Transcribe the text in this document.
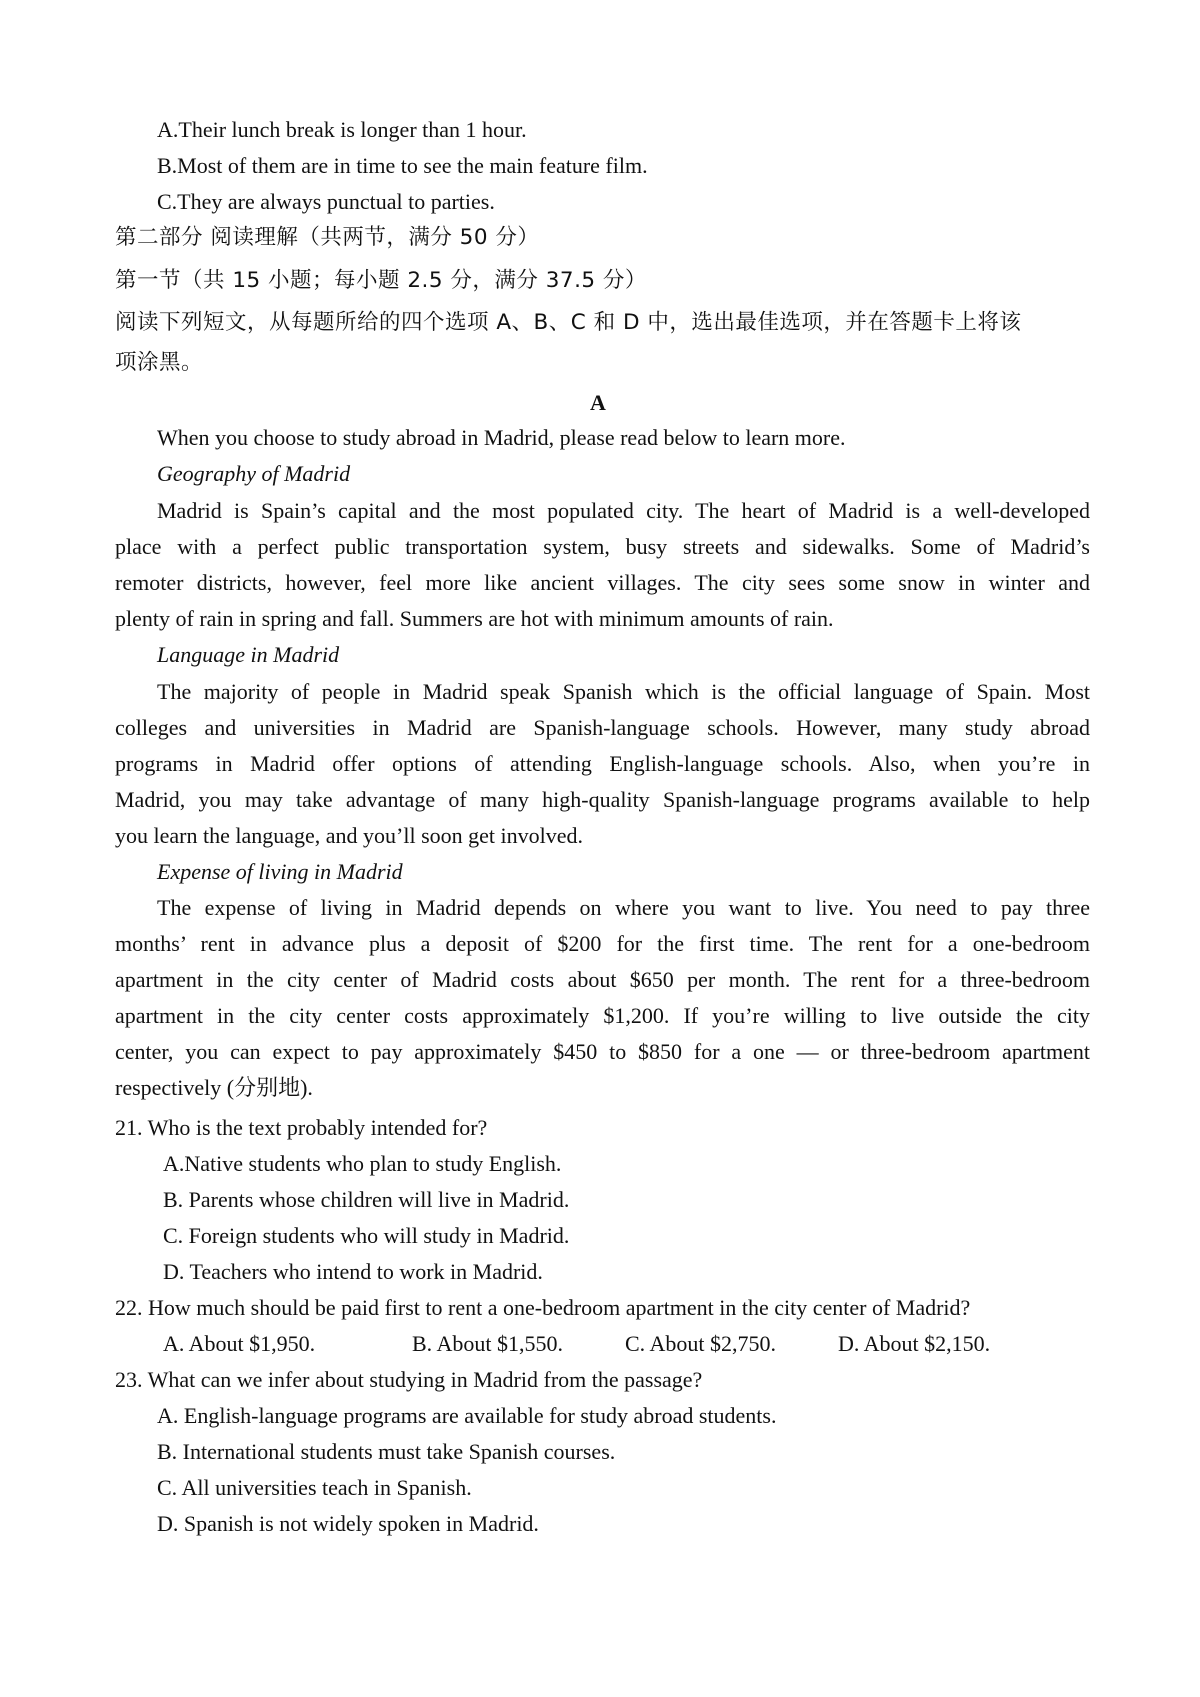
A.Their lunch break is longer than 1 hour.
B.Most of them are in time to see the main feature film.
C.They are always punctual to parties.
第二部分 阅读理解（共两节，满分 50 分）
第一节（共 15 小题；每小题 2.5 分，满分 37.5 分）
阅读下列短文，从每题所给的四个选项 A、B、C 和 D 中，选出最佳选项，并在答题卡上将该
项涂黑。
A
When you choose to study abroad in Madrid, please read below to learn more.
Geography of Madrid
Madrid is Spain’s capital and the most populated city. The heart of Madrid is a well-developed
place with a perfect public transportation system, busy streets and sidewalks. Some of Madrid’s
remoter districts, however, feel more like ancient villages. The city sees some snow in winter and
plenty of rain in spring and fall. Summers are hot with minimum amounts of rain.
Language in Madrid
The majority of people in Madrid speak Spanish which is the official language of Spain. Most
colleges and universities in Madrid are Spanish-language schools. However, many study abroad
programs in Madrid offer options of attending English-language schools. Also, when you’re in
Madrid, you may take advantage of many high-quality Spanish-language programs available to help
you learn the language, and you’ll soon get involved.
Expense of living in Madrid
The expense of living in Madrid depends on where you want to live. You need to pay three
months’ rent in advance plus a deposit of $200 for the first time. The rent for a one-bedroom
apartment in the city center of Madrid costs about $650 per month. The rent for a three-bedroom
apartment in the city center costs approximately $1,200. If you’re willing to live outside the city
center, you can expect to pay approximately $450 to $850 for a one — or three-bedroom apartment
respectively (分别地).
21. Who is the text probably intended for?
A.Native students who plan to study English.
B. Parents whose children will live in Madrid.
C. Foreign students who will study in Madrid.
D. Teachers who intend to work in Madrid.
22. How much should be paid first to rent a one-bedroom apartment in the city center of Madrid?
A. About $1,950.	B. About $1,550.	C. About $2,750.	D. About $2,150.
23. What can we infer about studying in Madrid from the passage?
A. English-language programs are available for study abroad students.
B. International students must take Spanish courses.
C. All universities teach in Spanish.
D. Spanish is not widely spoken in Madrid.
